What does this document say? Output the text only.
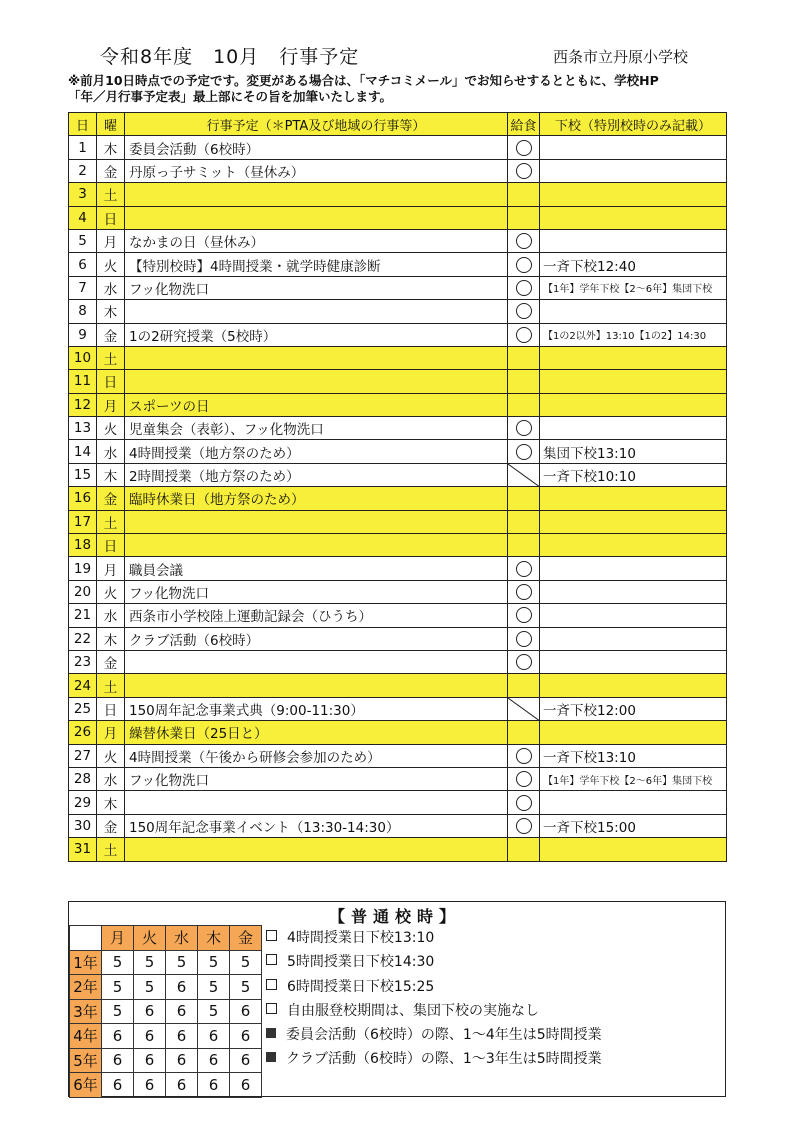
令和8年度　10月　行事予定	西条市立丹原小学校
※前月10日時点での予定です。変更がある場合は、「マチコミメール」でお知らせするとともに、学校HP
「年／月行事予定表」最上部にその旨を加筆いたします。
日	曜	行事予定（＊PTA及び地域の行事等）	給食	下校（特別校時のみ記載）
1	木	委員会活動（6校時）		
2	金	丹原っ子サミット（昼休み）		
3	土			
4	日			
5	月	なかまの日（昼休み）		
6	火	【特別校時】4時間授業・就学時健康診断		一斉下校12:40
7	水	フッ化物洗口		【1年】学年下校【2～6年】集団下校
8	木			
9	金	1の2研究授業（5校時）		【1の2以外】13:10【1の2】14:30
10	土			
11	日			
12	月	スポーツの日		
13	火	児童集会（表彰）、フッ化物洗口		
14	水	4時間授業（地方祭のため）		集団下校13:10
15	木	2時間授業（地方祭のため）		一斉下校10:10
16	金	臨時休業日（地方祭のため）		
17	土			
18	日			
19	月	職員会議		
20	火	フッ化物洗口		
21	水	西条市小学校陸上運動記録会（ひうち）		
22	木	クラブ活動（6校時）		
23	金			
24	土			
25	日	150周年記念事業式典（9:00-11:30）		一斉下校12:00
26	月	繰替休業日（25日と）		
27	火	4時間授業（午後から研修会参加のため）		一斉下校13:10
28	水	フッ化物洗口		【1年】学年下校【2～6年】集団下校
29	木			
30	金	150周年記念事業イベント（13:30-14:30）		一斉下校15:00
31	土			
【普通校時】
	月	火	水	木	金
1年	5	5	5	5	5
2年	5	5	6	5	5
3年	5	6	6	5	6
4年	6	6	6	6	6
5年	6	6	6	6	6
6年	6	6	6	6	6
4時間授業日下校13:10
5時間授業日下校14:30
6時間授業日下校15:25
自由服登校期間は、集団下校の実施なし
委員会活動（6校時）の際、1～4年生は5時間授業
クラブ活動（6校時）の際、1～3年生は5時間授業
